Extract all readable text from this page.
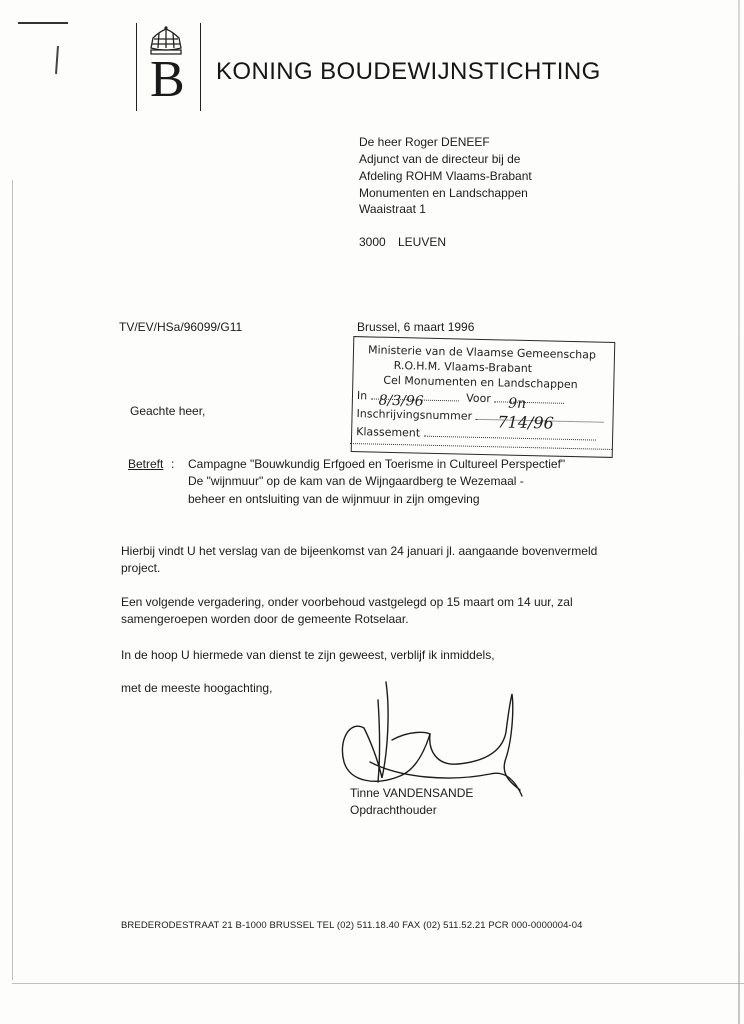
B KONING BOUDEWIJNSTICHTING
De heer Roger DENEEF
Adjunct van de directeur bij de
Afdeling ROHM Vlaams-Brabant
Monumenten en Landschappen
Waaistraat 1
3000 LEUVEN
TV/EV/HSa/96099/G11	Brussel, 6 maart 1996
Ministerie van de Vlaamse Gemeenschap
R.O.H.M. Vlaams-Brabant
Cel Monumenten en Landschappen
In 8/3/96	Voor 9n
Inschrijvingsnummer 714/96
Klassement
Geachte heer,
Betreft : Campagne "Bouwkundig Erfgoed en Toerisme in Cultureel Perspectief"
De "wijnmuur" op de kam van de Wijngaardberg te Wezemaal -
beheer en ontsluiting van de wijnmuur in zijn omgeving
Hierbij vindt U het verslag van de bijeenkomst van 24 januari jl. aangaande bovenvermeld
project.
Een volgende vergadering, onder voorbehoud vastgelegd op 15 maart om 14 uur, zal
samengeroepen worden door de gemeente Rotselaar.
In de hoop U hiermede van dienst te zijn geweest, verblijf ik inmiddels,
met de meeste hoogachting,
Tinne VANDENSANDE
Opdrachthouder
BREDERODESTRAAT 21 B-1000 BRUSSEL TEL (02) 511.18.40 FAX (02) 511.52.21 PCR 000-0000004-04
